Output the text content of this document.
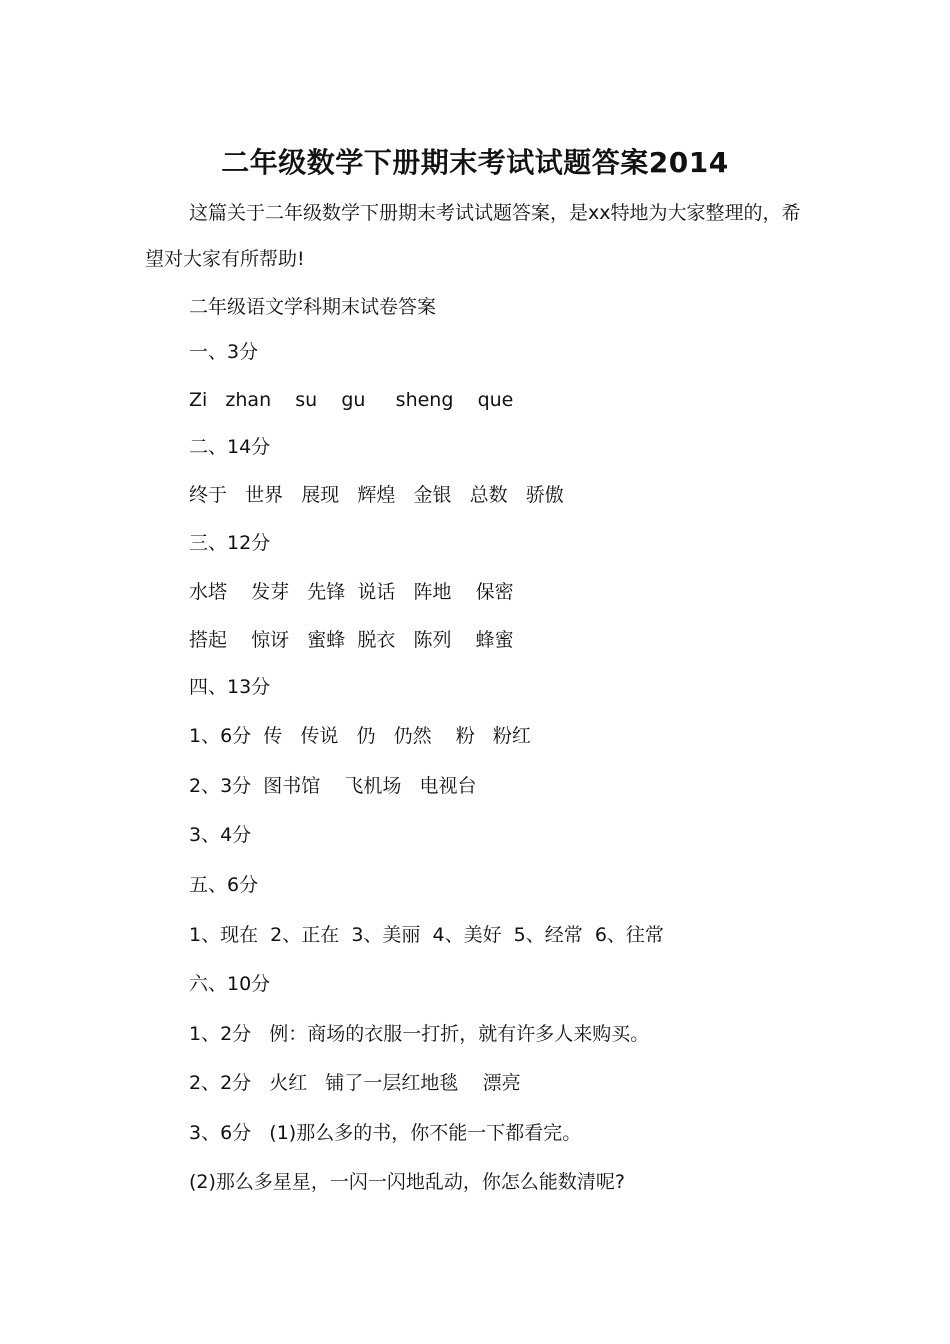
二年级数学下册期末考试试题答案2014

这篇关于二年级数学下册期末考试试题答案，是xx特地为大家整理的，希望对大家有所帮助!

二年级语文学科期末试卷答案

一、3分

Zi   zhan    su    gu     sheng    que

二、14分

终于   世界   展现   辉煌   金银   总数   骄傲

三、12分

水塔    发芽   先锋  说话   阵地    保密

搭起    惊讶   蜜蜂  脱衣   陈列    蜂蜜

四、13分

1、6分  传   传说   仍   仍然    粉   粉红

2、3分  图书馆    飞机场   电视台

3、4分

五、6分

1、现在  2、正在  3、美丽  4、美好  5、经常  6、往常

六、10分

1、2分   例：商场的衣服一打折，就有许多人来购买。

2、2分   火红   铺了一层红地毯    漂亮

3、6分   (1)那么多的书，你不能一下都看完。

(2)那么多星星，一闪一闪地乱动，你怎么能数清呢?
